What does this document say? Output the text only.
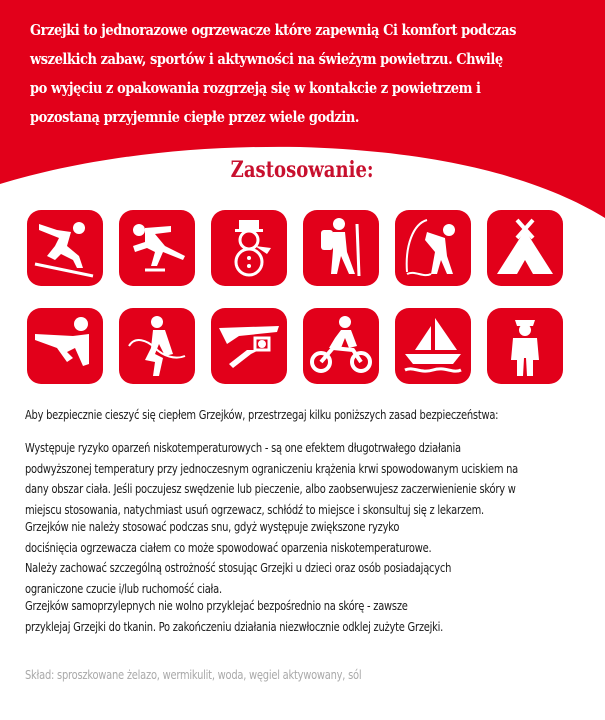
Grzejki to jednorazowe ogrzewacze które zapewnią Ci komfort podczas
wszelkich zabaw, sportów i aktywności na świeżym powietrzu. Chwilę
po wyjęciu z opakowania rozgrzeją się w kontakcie z powietrzem i
pozostaną przyjemnie ciepłe przez wiele godzin.
Zastosowanie:

Aby bezpiecznie cieszyć się ciepłem Grzejków, przestrzegaj kilku poniższych zasad bezpieczeństwa:

Występuje ryzyko oparzeń niskotemperaturowych - są one efektem długotrwałego działania

podwyższonej temperatury przy jednoczesnym ograniczeniu krążenia krwi spowodowanym uciskiem na

dany obszar ciała. Jeśli poczujesz swędzenie lub pieczenie, albo zaobserwujesz zaczerwienienie skóry w

miejscu stosowania, natychmiast usuń ogrzewacz, schłódź to miejsce i skonsultuj się z lekarzem.

Grzejków nie należy stosować podczas snu, gdyż występuje zwiększone ryzyko

dociśnięcia ogrzewacza ciałem co może spowodować oparzenia niskotemperaturowe.

Należy zachować szczególną ostrożność stosując Grzejki u dzieci oraz osób posiadających

ograniczone czucie i/lub ruchomość ciała.

Grzejków samoprzylepnych nie wolno przyklejać bezpośrednio na skórę - zawsze

przyklejaj Grzejki do tkanin. Po zakończeniu działania niezwłocznie odklej zużyte Grzejki.

Skład: sproszkowane żelazo, wermikulit, woda, węgiel aktywowany, sól
